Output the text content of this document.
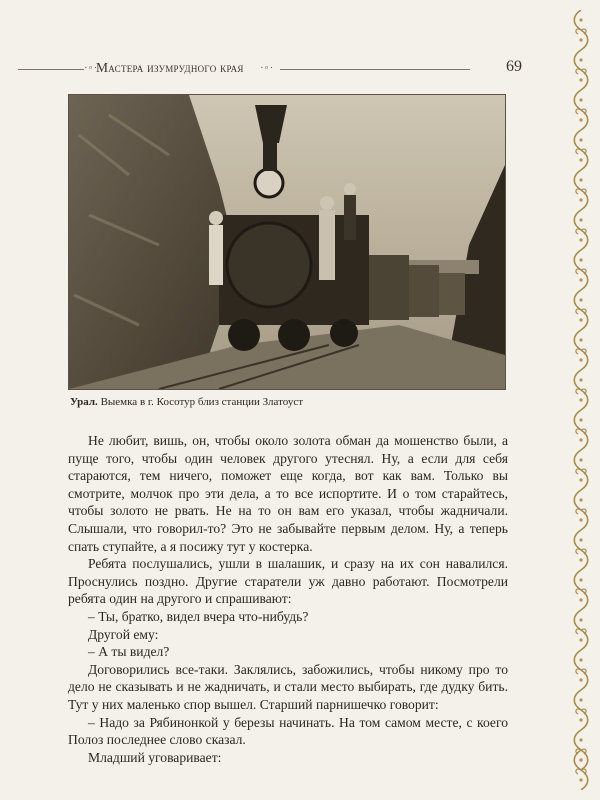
·◦·
Мастера изумрудного края ·◦·	69
Урал. Выемка в г. Косотур близ станции Златоуст

Не любит, вишь, он, чтобы около золота обман да мошенство были, а пуще того, чтобы один человек другого утеснял. Ну, а если для себя стараются, тем ничего, поможет еще когда, вот как вам. Только вы смотрите, молчок про эти дела, а то все испортите. И о том старайтесь, чтобы золото не рвать. Не на то он вам его указал, чтобы жадничали. Слышали, что говорил-то? Это не забывайте первым делом. Ну, а теперь спать ступайте, а я посижу тут у костерка.

Ребята послушались, ушли в шалашик, и сразу на их сон навалился. Проснулись поздно. Другие старатели уж давно работают. Посмотрели ребята один на другого и спрашивают:

– Ты, братко, видел вчера что-нибудь?

Другой ему:

– А ты видел?

Договорились все-таки. Заклялись, забожились, чтобы никому про то дело не сказывать и не жадничать, и стали место выбирать, где дудку бить. Тут у них маленько спор вышел. Старший парнишечко говорит:

– Надо за Рябинонкой у березы начинать. На том самом месте, с коего Полоз последнее слово сказал.

Младший уговаривает:
